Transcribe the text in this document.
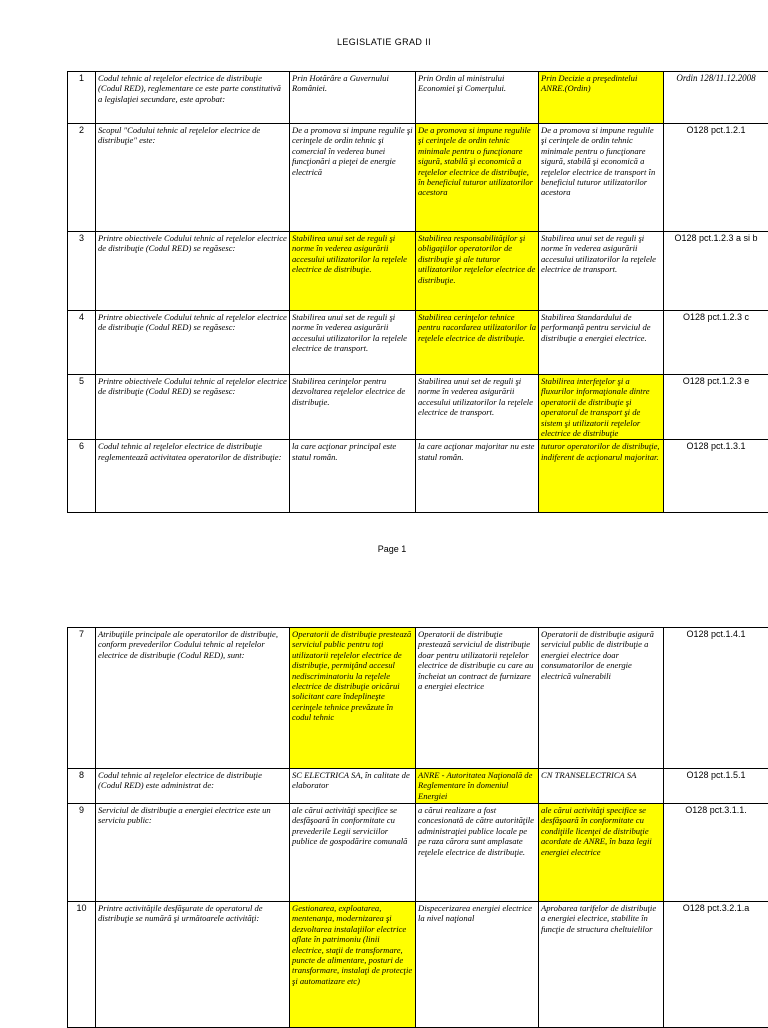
LEGISLATIE GRAD II
1	Codul tehnic al reţelelor electrice de distribuţie (Codul RED), reglementare ce este parte constitutivă a legislaţiei secundare, este aprobat:	Prin Hotărâre a Guvernului României.	Prin Ordin al ministrului Economiei şi Comerţului.	Prin Decizie a preşedintelui ANRE.(Ordin)	Ordin 128/11.12.2008
2	Scopul "Codului tehnic al reţelelor electrice de distribuţie" este:	De a promova si impune regulile şi cerinţele de ordin tehnic şi comercial în vederea bunei funcţionări a pieţei de energie electrică	De a promova si impune regulile şi cerinţele de ordin tehnic minimale pentru o funcţionare sigură, stabilă şi economică a reţelelor electrice de distribuţie, în beneficiul tuturor utilizatorilor acestora	De a promova si impune regulile şi cerinţele de ordin tehnic minimale pentru o funcţionare sigură, stabilă şi economică a reţelelor electrice de transport în beneficiul tuturor utilizatorilor acestora	O128 pct.1.2.1
3	Printre obiectivele Codului tehnic al reţelelor electrice de distribuţie (Codul RED) se regăsesc:	Stabilirea unui set de reguli şi norme în vederea asigurării accesului utilizatorilor la reţelele electrice de distribuţie.	Stabilirea responsabilităţilor şi obligaţiilor operatorilor de distribuţie şi ale tuturor utilizatorilor reţelelor electrice de distribuţie.	Stabilirea unui set de reguli şi norme în vederea asigurării accesului utilizatorilor la reţelele electrice de transport.	O128 pct.1.2.3 a si b
4	Printre obiectivele Codului tehnic al reţelelor electrice de distribuţie (Codul RED) se regăsesc:	Stabilirea unui set de reguli şi norme în vederea asigurării accesului utilizatorilor la reţelele electrice de transport.	Stabilirea cerinţelor tehnice pentru racordarea utilizatorilor la reţelele electrice de distribuţie.	Stabilirea Standardului de performanţă pentru serviciul de distribuţie a energiei electrice.	O128 pct.1.2.3 c
5	Printre obiectivele Codului tehnic al reţelelor electrice de distribuţie (Codul RED) se regăsesc:	Stabilirea cerinţelor pentru dezvoltarea reţelelor electrice de distribuţie.	Stabilirea unui set de reguli şi norme în vederea asigurării accesului utilizatorilor la reţelele electrice de transport.	Stabilirea interfeţelor şi a fluxurilor informaţionale dintre operatorii de distribuţie şi operatorul de transport şi de sistem şi utilizatorii reţelelor electrice de distribuţie	O128 pct.1.2.3 e
6	Codul tehnic al reţelelor electrice de distribuţie reglementează activitatea operatorilor de distribuţie:	la care acţionar principal este statul român.	la care acţionar majoritar nu este statul român.	tuturor operatorilor de distribuţie, indiferent de acţionarul majoritar.	O128 pct.1.3.1
Page 1
7	Atribuţiile principale ale operatorilor de distribuţie, conform prevederilor Codului tehnic al reţelelor electrice de distribuţie (Codul RED), sunt:	Operatorii de distribuţie prestează serviciul public pentru toţi utilizatorii reţelelor electrice de distribuţie, permiţând accesul nediscriminatoriu la reţelele electrice de distribuţie oricărui solicitant care îndeplineşte cerinţele tehnice prevăzute în codul tehnic	Operatorii de distribuţie prestează serviciul de distribuţie doar pentru utilizatorii reţelelor electrice de distribuţie cu care au încheiat un contract de furnizare a energiei electrice	Operatorii de distribuţie asigură serviciul public de distribuţie a energiei electrice doar consumatorilor de energie electrică vulnerabili	O128 pct.1.4.1
8	Codul tehnic al reţelelor electrice de distribuţie (Codul RED) este administrat de:	SC ELECTRICA SA, în calitate de elaborator	ANRE - Autoritatea Naţională de Reglementare în domeniul Energiei	CN TRANSELECTRICA SA	O128 pct.1.5.1
9	Serviciul de distribuţie a energiei electrice este un serviciu public:	ale cărui activităţi specifice se desfăşoară în conformitate cu prevederile Legii serviciilor publice de gospodărire comunală	a cărui realizare a fost concesionată de către autorităţile administraţiei publice locale pe pe raza cărora sunt amplasate reţelele electrice de distribuţie.	ale cărui activităţi specifice se desfăşoară în conformitate cu condiţiile licenţei de distribuţie acordate de ANRE, în baza legii energiei electrice	O128 pct.3.1.1.
10	Printre activităţile desfăşurate de operatorul de distribuţie se numără şi următoarele activităţi:	Gestionarea, exploatarea, mentenanţa, modernizarea şi dezvoltarea instalaţiilor electrice aflate în patrimoniu (linii electrice, staţii de transformare, puncte de alimentare, posturi de transformare, instalaţi de protecţie şi automatizare etc)	Dispecerizarea energiei electrice la nivel naţional	Aprobarea tarifelor de distribuţie a energiei electrice, stabilite în funcţie de structura cheltuielilor	O128 pct.3.2.1.a
